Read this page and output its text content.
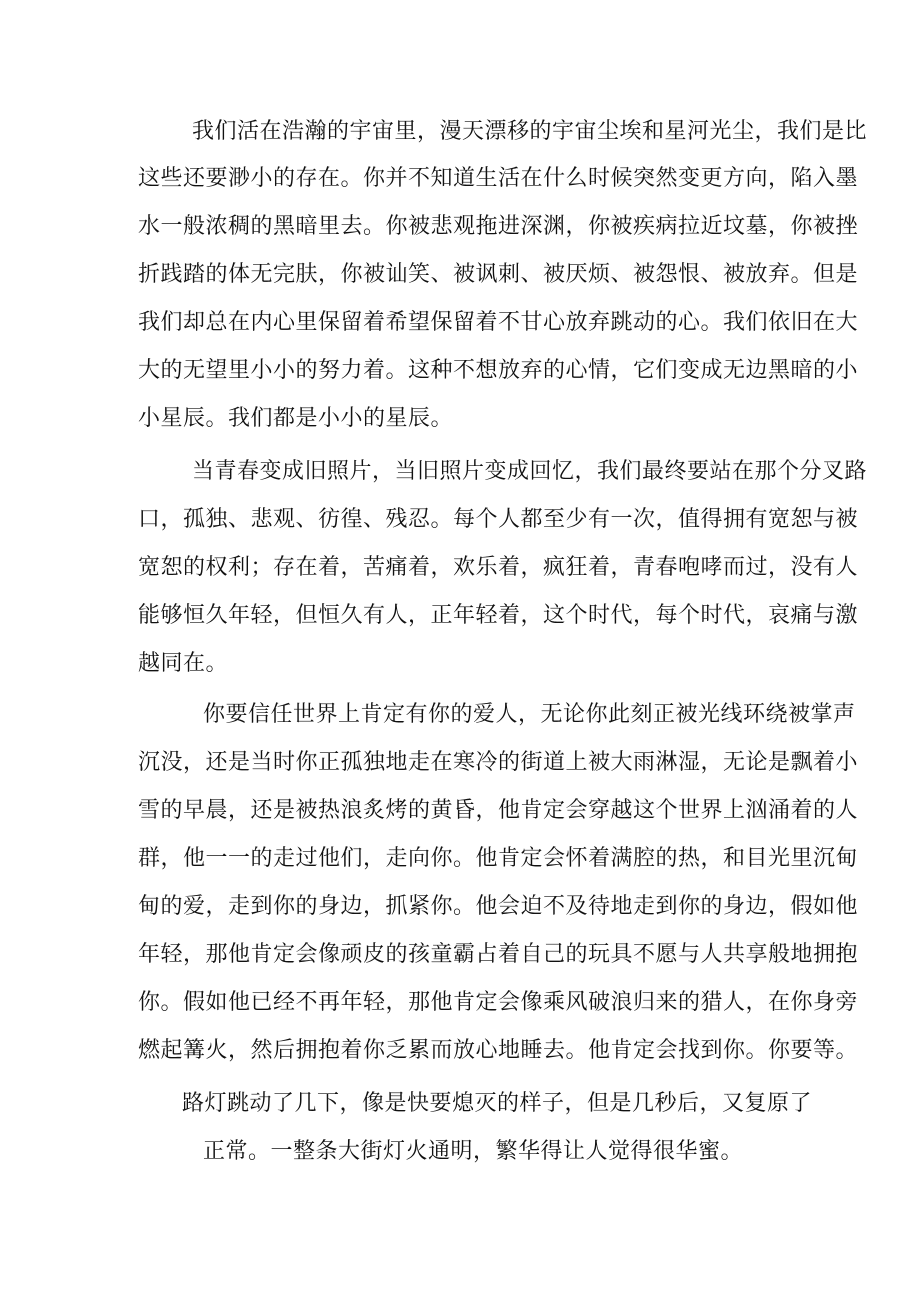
我们活在浩瀚的宇宙里，漫天漂移的宇宙尘埃和星河光尘，我们是比
这些还要渺小的存在。你并不知道生活在什么时候突然变更方向，陷入墨
水一般浓稠的黑暗里去。你被悲观拖进深渊，你被疾病拉近坟墓，你被挫
折践踏的体无完肤，你被讪笑、被讽刺、被厌烦、被怨恨、被放弃。但是
我们却总在内心里保留着希望保留着不甘心放弃跳动的心。我们依旧在大
大的无望里小小的努力着。这种不想放弃的心情，它们变成无边黑暗的小
小星辰。我们都是小小的星辰。
当青春变成旧照片，当旧照片变成回忆，我们最终要站在那个分叉路
口，孤独、悲观、彷徨、残忍。每个人都至少有一次，值得拥有宽恕与被
宽恕的权利；存在着，苦痛着，欢乐着，疯狂着，青春咆哮而过，没有人
能够恒久年轻，但恒久有人，正年轻着，这个时代，每个时代，哀痛与激
越同在。
你要信任世界上肯定有你的爱人，无论你此刻正被光线环绕被掌声
沉没，还是当时你正孤独地走在寒冷的街道上被大雨淋湿，无论是飘着小
雪的早晨，还是被热浪炙烤的黄昏，他肯定会穿越这个世界上汹涌着的人
群，他一一的走过他们，走向你。他肯定会怀着满腔的热，和目光里沉甸
甸的爱，走到你的身边，抓紧你。他会迫不及待地走到你的身边，假如他
年轻，那他肯定会像顽皮的孩童霸占着自己的玩具不愿与人共享般地拥抱
你。假如他已经不再年轻，那他肯定会像乘风破浪归来的猎人，在你身旁
燃起篝火，然后拥抱着你乏累而放心地睡去。他肯定会找到你。你要等。
路灯跳动了几下，像是快要熄灭的样子，但是几秒后，又复原了
正常。一整条大街灯火通明，繁华得让人觉得很华蜜。
